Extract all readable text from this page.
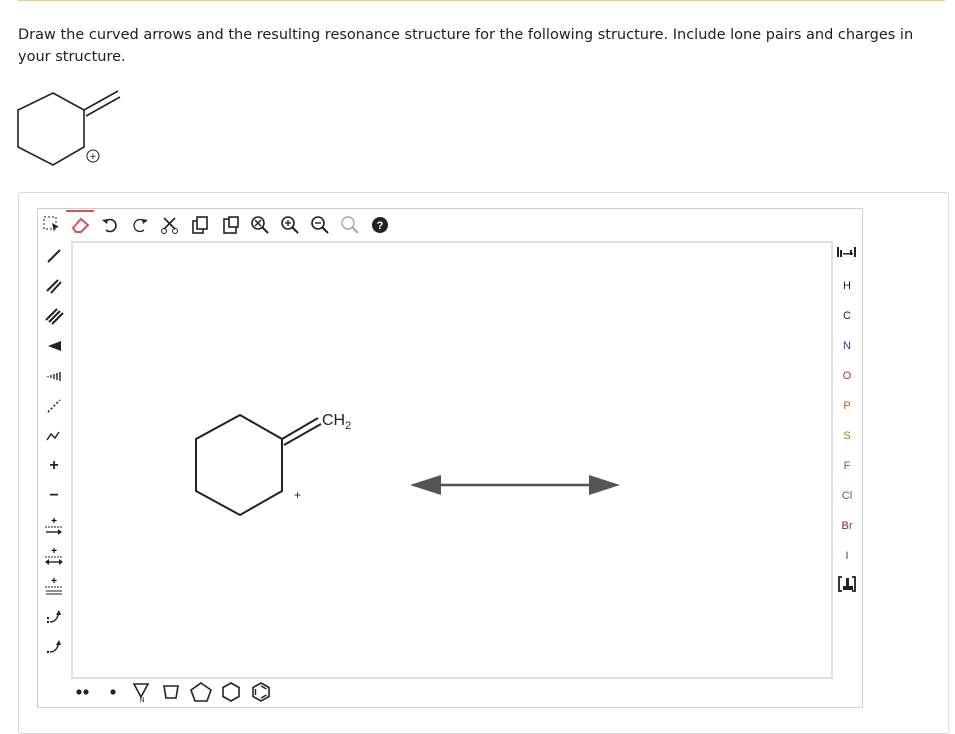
Draw the curved arrows and the resulting resonance structure for the following structure. Include lone pairs and charges in your structure.
+
?
+
−
+
+
+
$CH_2$
+
H
C
N
O
P
S
F
Cl
Br
I
N
